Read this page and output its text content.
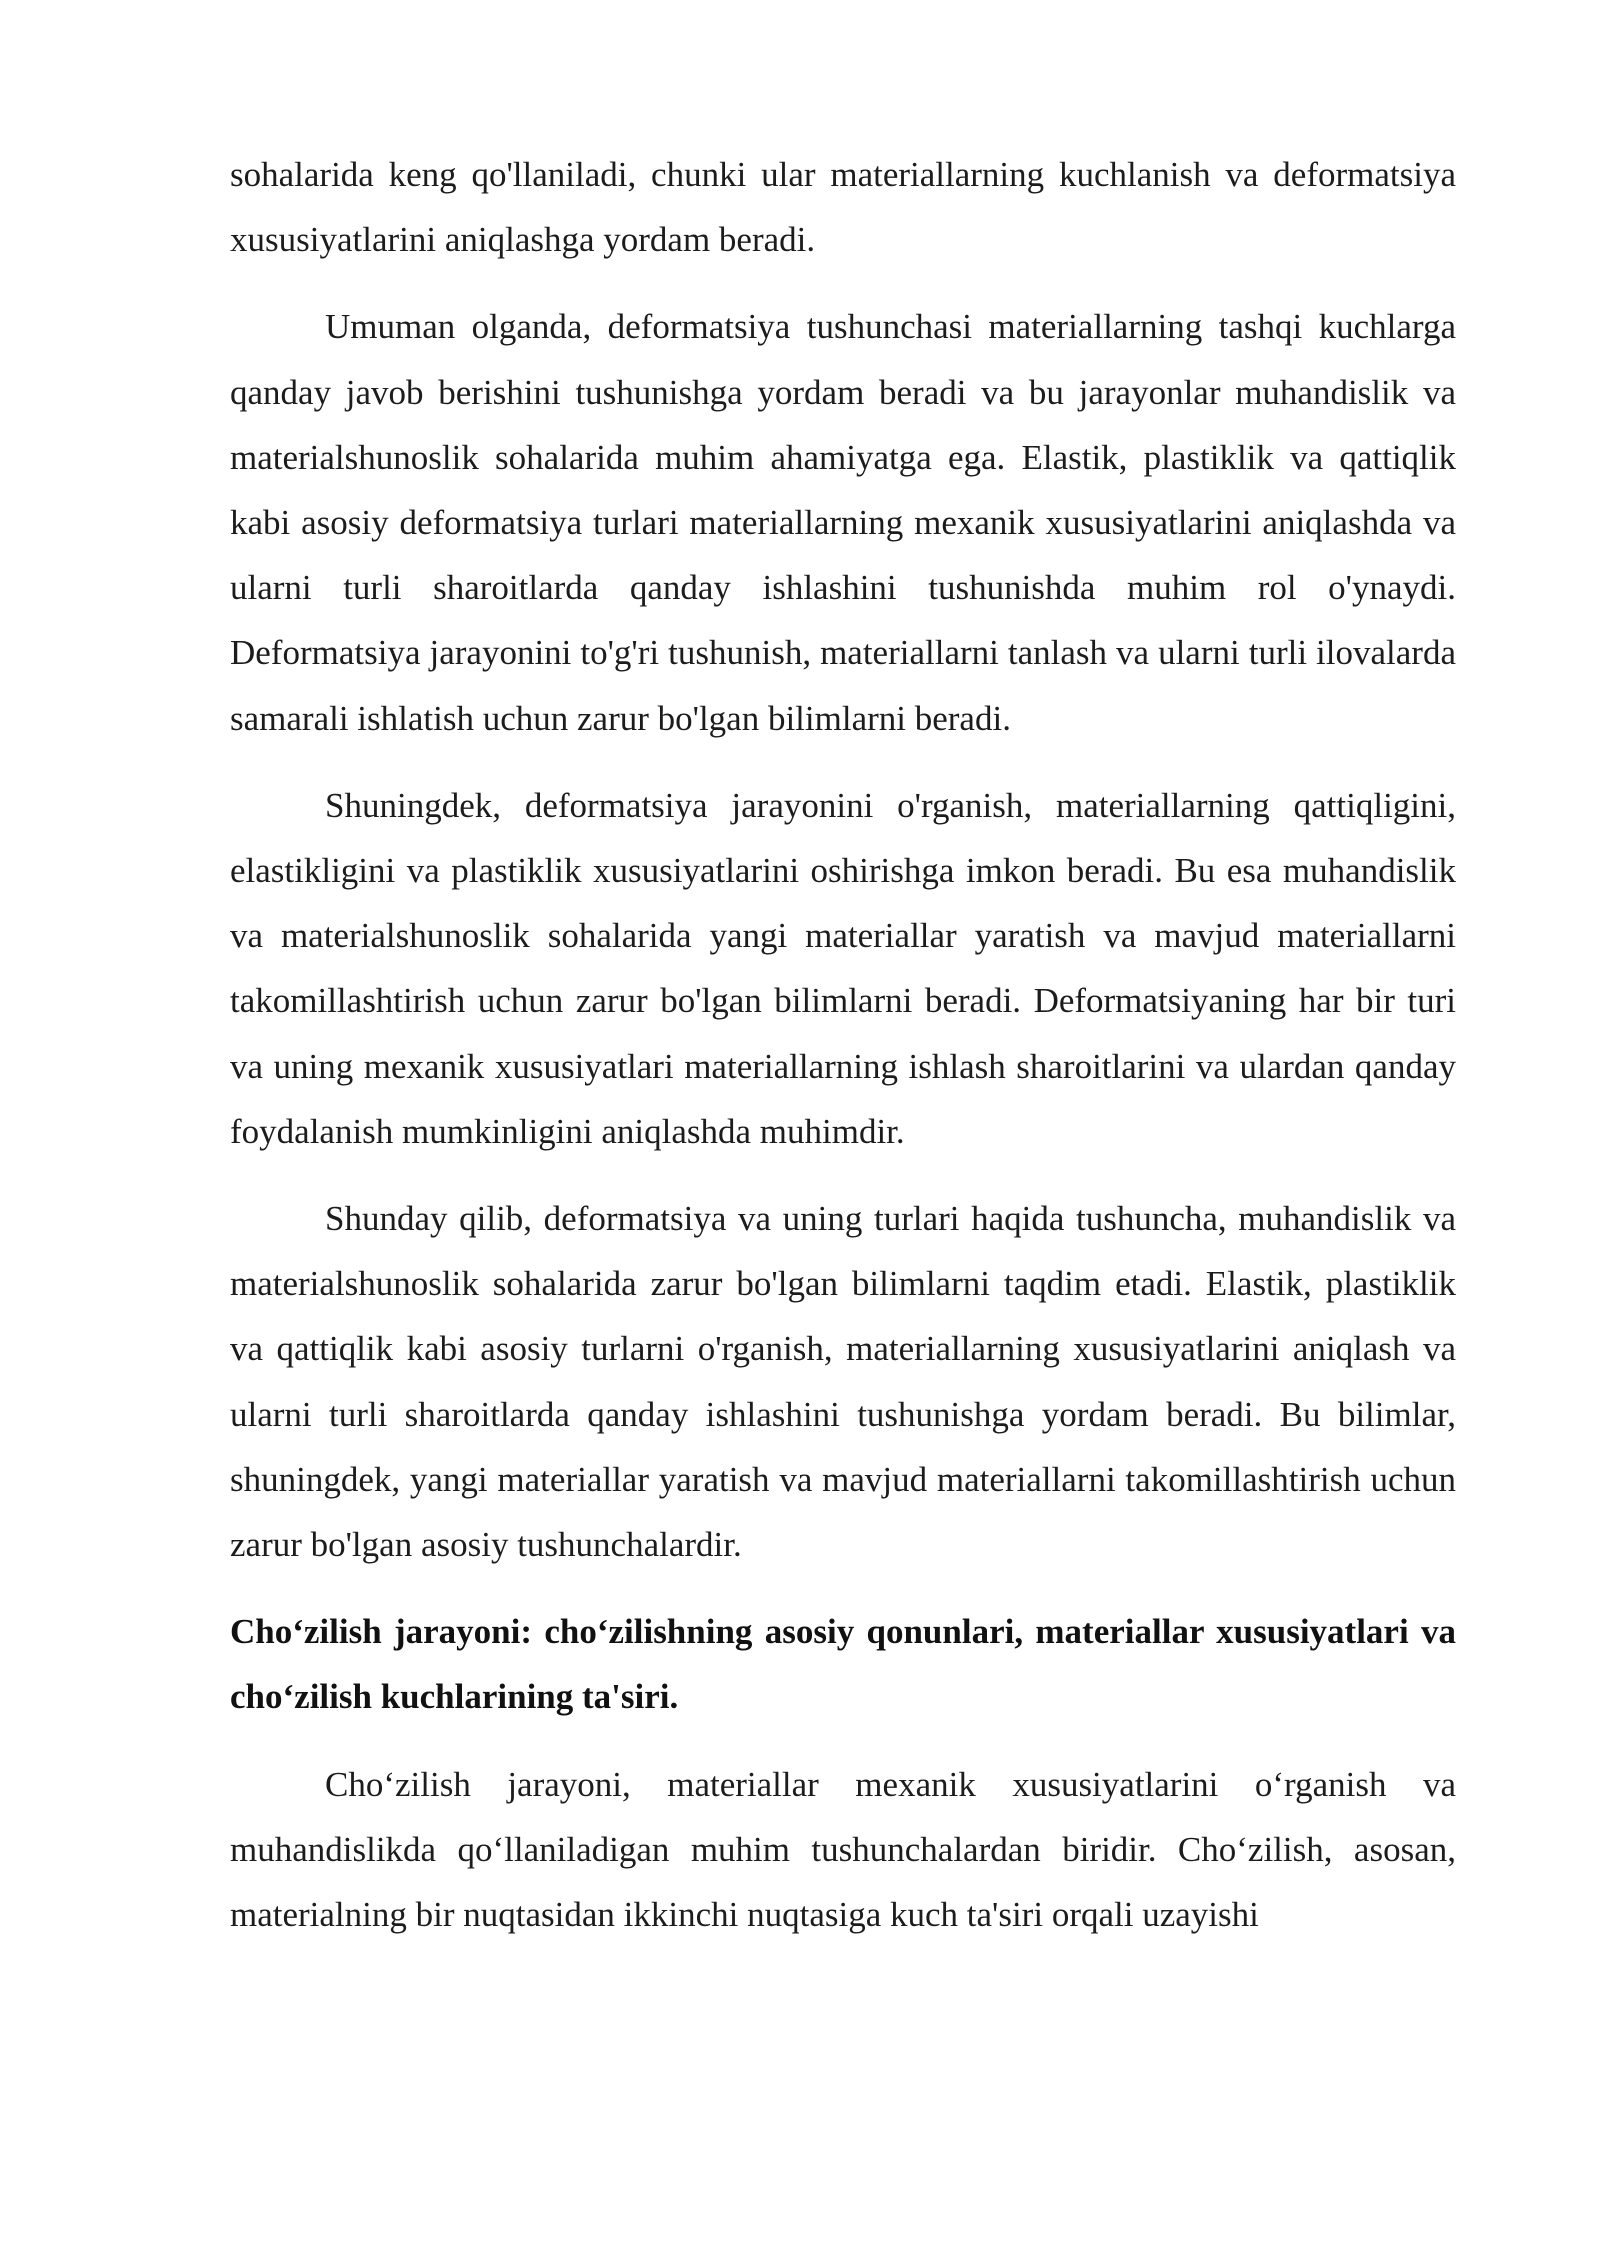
sohalarida keng qo'llaniladi, chunki ular materiallarning kuchlanish va deformatsiya xususiyatlarini aniqlashga yordam beradi.

Umuman olganda, deformatsiya tushunchasi materiallarning tashqi kuchlarga qanday javob berishini tushunishga yordam beradi va bu jarayonlar muhandislik va materialshunoslik sohalarida muhim ahamiyatga ega. Elastik, plastiklik va qattiqlik kabi asosiy deformatsiya turlari materiallarning mexanik xususiyatlarini aniqlashda va ularni turli sharoitlarda qanday ishlashini tushunishda muhim rol o'ynaydi. Deformatsiya jarayonini to'g'ri tushunish, materiallarni tanlash va ularni turli ilovalarda samarali ishlatish uchun zarur bo'lgan bilimlarni beradi.

Shuningdek, deformatsiya jarayonini o'rganish, materiallarning qattiqligini, elastikligini va plastiklik xususiyatlarini oshirishga imkon beradi. Bu esa muhandislik va materialshunoslik sohalarida yangi materiallar yaratish va mavjud materiallarni takomillashtirish uchun zarur bo'lgan bilimlarni beradi. Deformatsiyaning har bir turi va uning mexanik xususiyatlari materiallarning ishlash sharoitlarini va ulardan qanday foydalanish mumkinligini aniqlashda muhimdir.

Shunday qilib, deformatsiya va uning turlari haqida tushuncha, muhandislik va materialshunoslik sohalarida zarur bo'lgan bilimlarni taqdim etadi. Elastik, plastiklik va qattiqlik kabi asosiy turlarni o'rganish, materiallarning xususiyatlarini aniqlash va ularni turli sharoitlarda qanday ishlashini tushunishga yordam beradi. Bu bilimlar, shuningdek, yangi materiallar yaratish va mavjud materiallarni takomillashtirish uchun zarur bo'lgan asosiy tushunchalardir.

Cho‘zilish jarayoni: cho‘zilishning asosiy qonunlari, materiallar xususiyatlari va cho‘zilish kuchlarining ta'siri.

Cho‘zilish jarayoni, materiallar mexanik xususiyatlarini o‘rganish va muhandislikda qo‘llaniladigan muhim tushunchalardan biridir. Cho‘zilish, asosan, materialning bir nuqtasidan ikkinchi nuqtasiga kuch ta'siri orqali uzayishi
